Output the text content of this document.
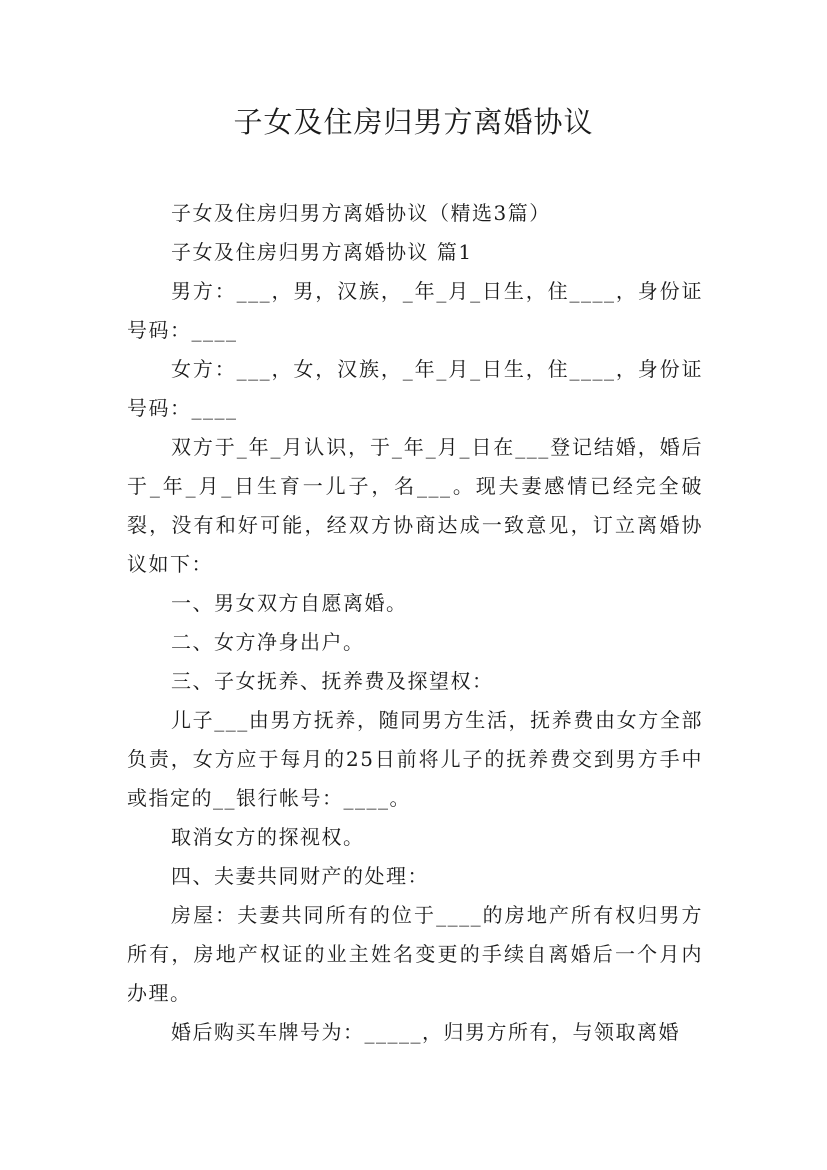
子女及住房归男方离婚协议

子女及住房归男方离婚协议（精选3篇）

子女及住房归男方离婚协议 篇1

男方：___，男，汉族，_年_月_日生，住____，身份证号码：____

女方：___，女，汉族，_年_月_日生，住____，身份证号码：____

双方于_年_月认识，于_年_月_日在___登记结婚，婚后于_年_月_日生育一儿子，名___。现夫妻感情已经完全破裂，没有和好可能，经双方协商达成一致意见，订立离婚协议如下：

一、男女双方自愿离婚。

二、女方净身出户。

三、子女抚养、抚养费及探望权：

儿子___由男方抚养，随同男方生活，抚养费由女方全部负责，女方应于每月的25日前将儿子的抚养费交到男方手中或指定的__银行帐号：____。

取消女方的探视权。

四、夫妻共同财产的处理：

房屋：夫妻共同所有的位于____的房地产所有权归男方所有，房地产权证的业主姓名变更的手续自离婚后一个月内办理。

婚后购买车牌号为：_____，归男方所有，与领取离婚
